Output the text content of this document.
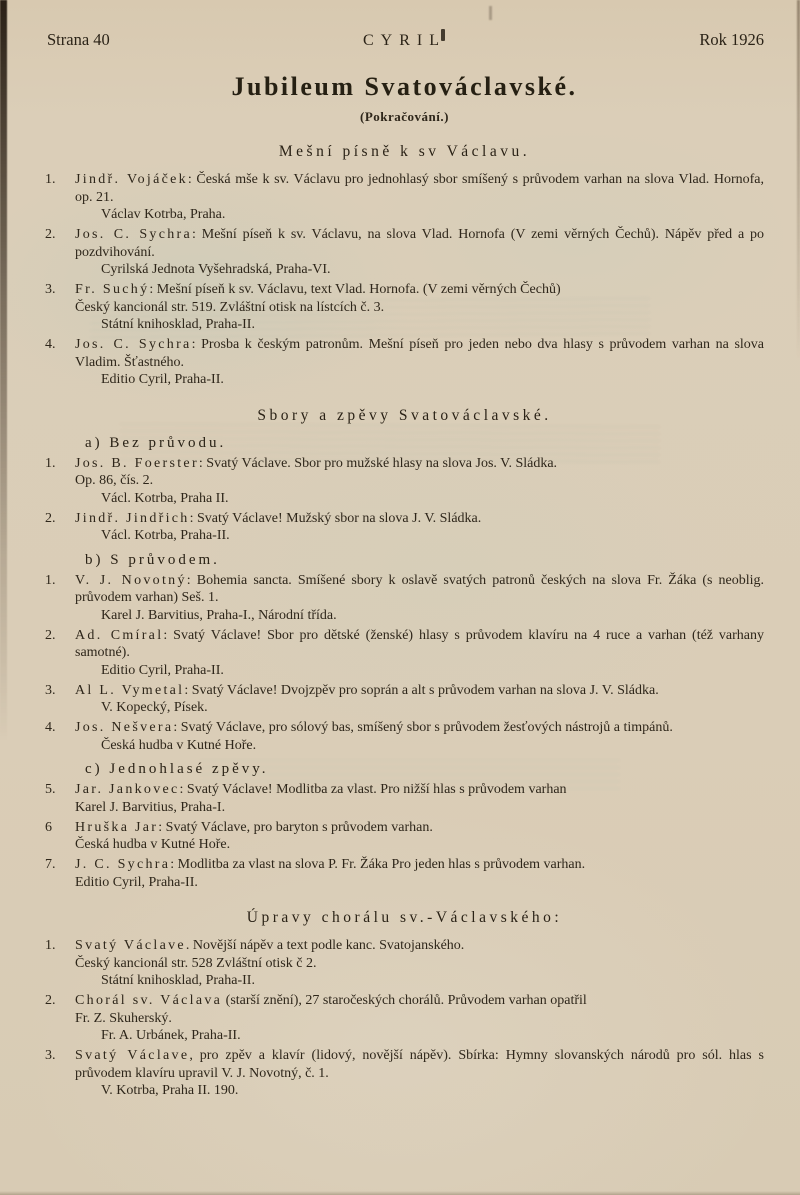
Strana 40	CYRIL	Rok 1926
Jubileum Svatováclavské.
(Pokračování.)
Mešní písně k sv Václavu.
1.	Jindř. Vojáček: Česká mše k sv. Václavu pro jednohlasý sbor smíšený s průvodem varhan na slova Vlad. Hornofa, op. 21.
Václav Kotrba, Praha.
2.	Jos. C. Sychra: Mešní píseň k sv. Václavu, na slova Vlad. Hornofa (V zemi věrných Čechů). Nápěv před a po pozdvihování.
Cyrilská Jednota Vyšehradská, Praha-VI.
3.	Fr. Suchý: Mešní píseň k sv. Václavu, text Vlad. Hornofa. (V zemi věrných Čechů)
Český kancionál str. 519. Zvláštní otisk na lístcích č. 3.
Státní knihosklad, Praha-II.
4.	Jos. C. Sychra: Prosba k českým patronům. Mešní píseň pro jeden nebo dva hlasy s průvodem varhan na slova Vladim. Šťastného.
Editio Cyril, Praha-II.
Sbory a zpěvy Svatováclavské.
a) Bez průvodu.
1.	Jos. B. Foerster: Svatý Václave. Sbor pro mužské hlasy na slova Jos. V. Sládka.
Op. 86, čís. 2.
Václ. Kotrba, Praha II.
2.	Jindř. Jindřich: Svatý Václave! Mužský sbor na slova J. V. Sládka.
Václ. Kotrba, Praha-II.
b) S průvodem.
1.	V. J. Novotný: Bohemia sancta. Smíšené sbory k oslavě svatých patronů českých na slova Fr. Žáka (s neoblig. průvodem varhan) Seš. 1.
Karel J. Barvitius, Praha-I., Národní třída.
2.	Ad. Cmíral: Svatý Václave! Sbor pro dětské (ženské) hlasy s průvodem klavíru na 4 ruce a varhan (též varhany samotné).
Editio Cyril, Praha-II.
3.	Al L. Vymetal: Svatý Václave! Dvojzpěv pro soprán a alt s průvodem varhan na slova J. V. Sládka.
V. Kopecký, Písek.
4.	Jos. Nešvera: Svatý Václave, pro sólový bas, smíšený sbor s průvodem žesťových nástrojů a timpánů.
Česká hudba v Kutné Hoře.
c) Jednohlasé zpěvy.
5.	Jar. Jankovec: Svatý Václave! Modlitba za vlast. Pro nižší hlas s průvodem varhan
Karel J. Barvitius, Praha-I.
6	Hruška Jar: Svatý Václave, pro baryton s průvodem varhan.
Česká hudba v Kutné Hoře.
7.	J. C. Sychra: Modlitba za vlast na slova P. Fr. Žáka Pro jeden hlas s průvodem varhan.
Editio Cyril, Praha-II.
Úpravy chorálu sv.-Václavského:
1.	Svatý Václave. Novější nápěv a text podle kanc. Svatojanského.
Český kancionál str. 528 Zvláštní otisk č 2.
Státní knihosklad, Praha-II.
2.	Chorál sv. Václava (starší znění), 27 staročeských chorálů. Průvodem varhan opatřil
Fr. Z. Skuherský.
Fr. A. Urbánek, Praha-II.
3.	Svatý Václave, pro zpěv a klavír (lidový, novější nápěv). Sbírka: Hymny slovanských národů pro sól. hlas s průvodem klavíru upravil V. J. Novotný, č. 1.
V. Kotrba, Praha II. 190.
